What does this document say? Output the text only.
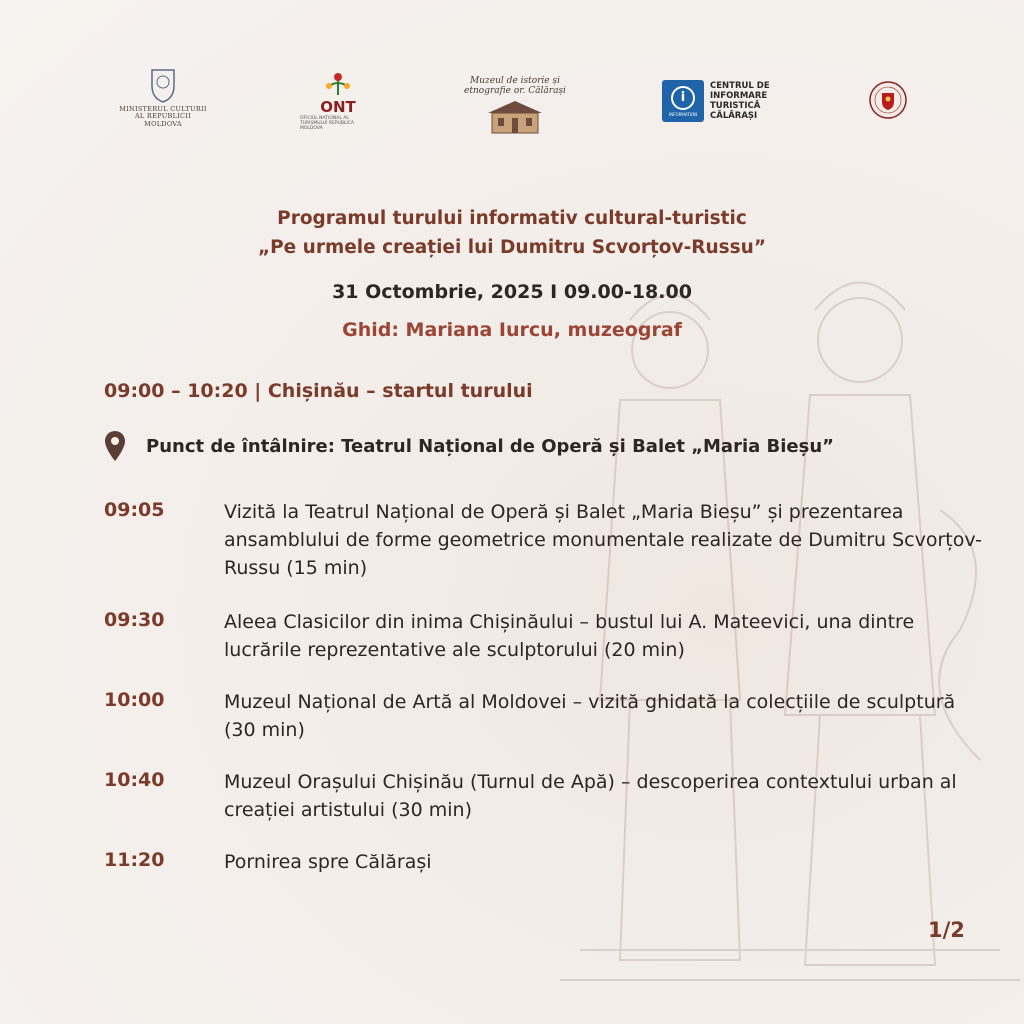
MINISTERUL CULTURII AL REPUBLICII MOLDOVA
ONT
OFICIUL NAȚIONAL AL TURISMULUI REPUBLICA MOLDOVA
Muzeul de istorie și etnografie or. Călărași	i
INFORMATION
CENTRUL DE INFORMARE TURISTICĂ CĂLĂRAȘI
Programul turului informativ cultural-turistic
„Pe urmele creației lui Dumitru Scvorțov-Russu”
31 Octombrie, 2025 I 09.00-18.00
Ghid: Mariana Iurcu, muzeograf
09:00 – 10:20 | Chișinău – startul turului
Punct de întâlnire: Teatrul Național de Operă și Balet „Maria Bieșu”
09:05	Vizită la Teatrul Național de Operă și Balet „Maria Bieșu” și prezentarea ansamblului de forme geometrice monumentale realizate de Dumitru Scvorțov-Russu (15 min)
09:30	Aleea Clasicilor din inima Chișinăului – bustul lui A. Mateevici, una dintre lucrările reprezentative ale sculptorului (20 min)
10:00	Muzeul Național de Artă al Moldovei – vizită ghidată la colecțiile de sculptură (30 min)
10:40	Muzeul Orașului Chișinău (Turnul de Apă) – descoperirea contextului urban al creației artistului (30 min)
11:20	Pornirea spre Călărași
1/2
